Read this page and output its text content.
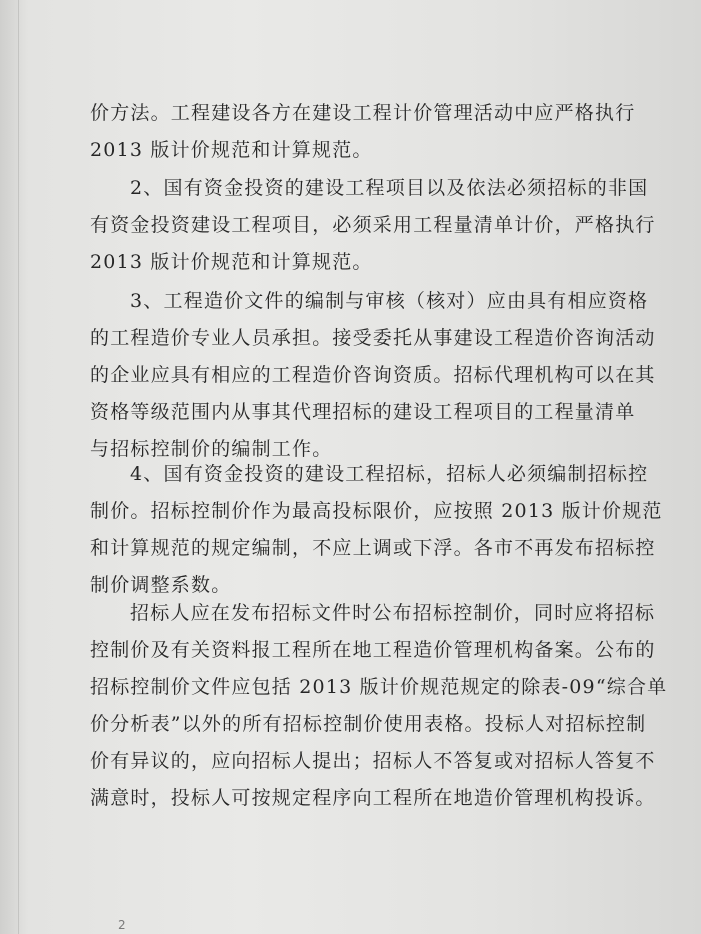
价方法。工程建设各方在建设工程计价管理活动中应严格执行
2013 版计价规范和计算规范。

2、国有资金投资的建设工程项目以及依法必须招标的非国
有资金投资建设工程项目，必须采用工程量清单计价，严格执行
2013 版计价规范和计算规范。

3、工程造价文件的编制与审核（核对）应由具有相应资格
的工程造价专业人员承担。接受委托从事建设工程造价咨询活动
的企业应具有相应的工程造价咨询资质。招标代理机构可以在其
资格等级范围内从事其代理招标的建设工程项目的工程量清单
与招标控制价的编制工作。

4、国有资金投资的建设工程招标，招标人必须编制招标控
制价。招标控制价作为最高投标限价，应按照 2013 版计价规范
和计算规范的规定编制，不应上调或下浮。各市不再发布招标控
制价调整系数。

招标人应在发布招标文件时公布招标控制价，同时应将招标
控制价及有关资料报工程所在地工程造价管理机构备案。公布的
招标控制价文件应包括 2013 版计价规范规定的除表-09“综合单
价分析表”以外的所有招标控制价使用表格。投标人对招标控制
价有异议的，应向招标人提出；招标人不答复或对招标人答复不
满意时，投标人可按规定程序向工程所在地造价管理机构投诉。

2
